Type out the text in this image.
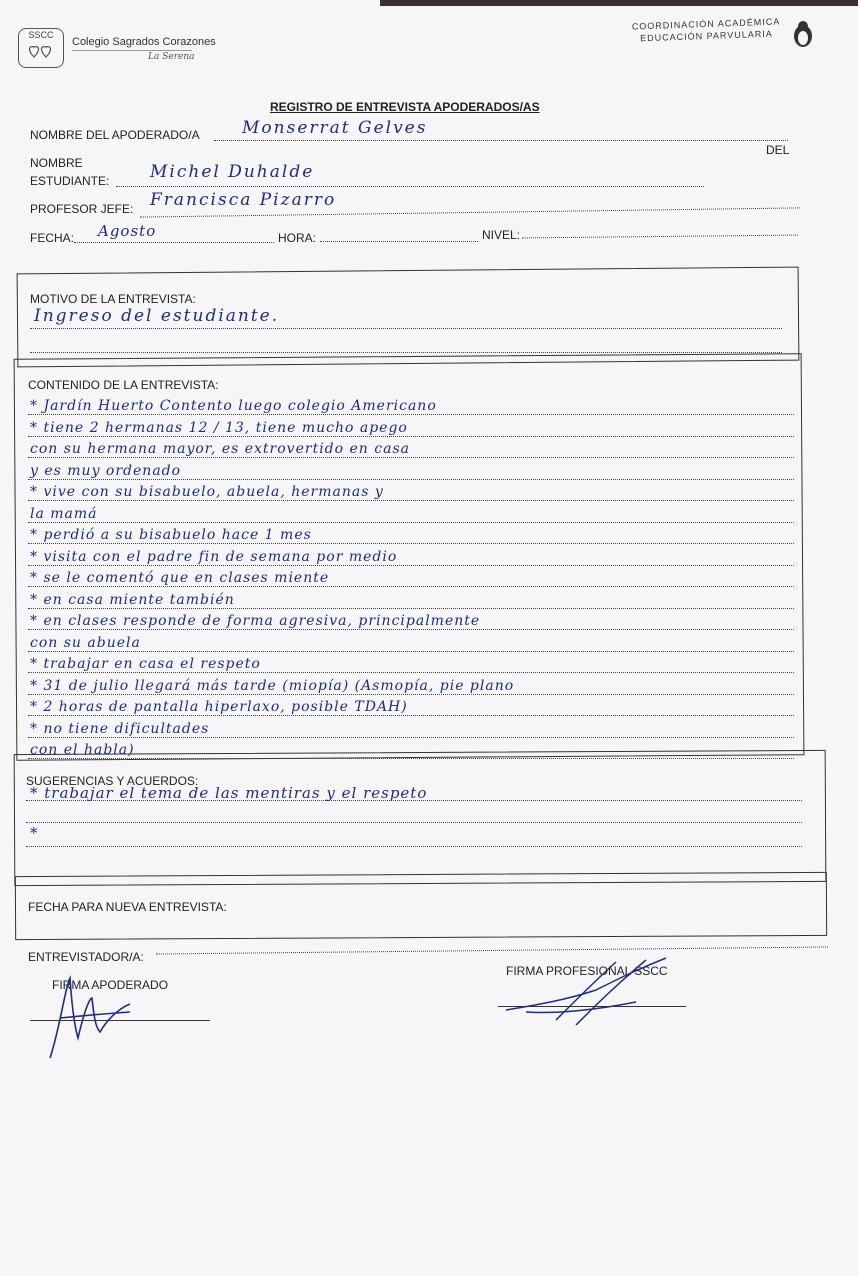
SSCC
Colegio Sagrados Corazones
La Serena
COORDINACIÓN ACADÉMICA
EDUCACIÓN PARVULARIA
REGISTRO DE ENTREVISTA APODERADOS/AS
NOMBRE DEL APODERADO/A Monserrat Gelves
DEL
NOMBRE
ESTUDIANTE: Michel Duhalde
PROFESOR JEFE: Francisca Pizarro
FECHA: Agosto	HORA:	NIVEL:
MOTIVO DE LA ENTREVISTA:
Ingreso del estudiante.
CONTENIDO DE LA ENTREVISTA:
* Jardín Huerto Contento luego colegio Americano
* tiene 2 hermanas 12 / 13, tiene mucho apego
con su hermana mayor, es extrovertido en casa
y es muy ordenado
* vive con su bisabuelo, abuela, hermanas y
la mamá
* perdió a su bisabuelo hace 1 mes
* visita con el padre fin de semana por medio
* se le comentó que en clases miente
* en casa miente también
* en clases responde de forma agresiva, principalmente
con su abuela
* trabajar en casa el respeto
* 31 de julio llegará más tarde (miopía) (Asmopía, pie plano
* 2 horas de pantalla hiperlaxo, posible TDAH)
* no tiene dificultades
con el habla)
SUGERENCIAS Y ACUERDOS:
* trabajar el tema de las mentiras y el respeto
*
FECHA PARA NUEVA ENTREVISTA:
ENTREVISTADOR/A:
FIRMA APODERADO
FIRMA PROFESIONAL SSCC
